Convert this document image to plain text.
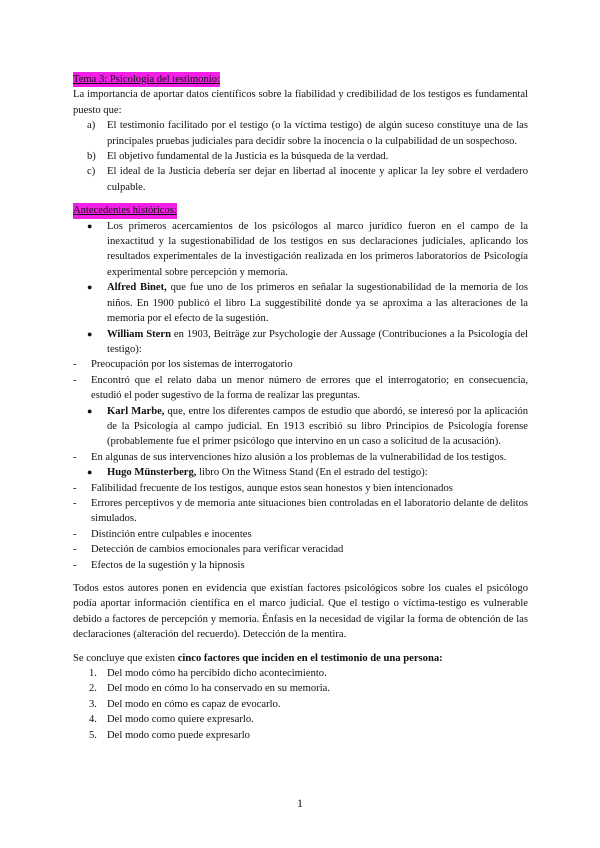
Tema 3: Psicología del testimonio:

La importancia de aportar datos científicos sobre la fiabilidad y credibilidad de los testigos es fundamental puesto que:

a) El testimonio facilitado por el testigo (o la víctima testigo) de algún suceso constituye una de las principales pruebas judiciales para decidir sobre la inocencia o la culpabilidad de un sospechoso.
b) El objetivo fundamental de la Justicia es la búsqueda de la verdad.
c) El ideal de la Justicia debería ser dejar en libertad al inocente y aplicar la ley sobre el verdadero culpable.
Antecedentes históricos:
● Los primeros acercamientos de los psicólogos al marco jurídico fueron en el campo de la inexactitud y la sugestionabilidad de los testigos en sus declaraciones judiciales, aplicando los resultados experimentales de la investigación realizada en los primeros laboratorios de Psicología experimental sobre percepción y memoria.
● Alfred Binet, que fue uno de los primeros en señalar la sugestionabilidad de la memoria de los niños. En 1900 publicó el libro La suggestibilité donde ya se aproxima a las alteraciones de la memoria por el efecto de la sugestión.
● William Stern en 1903, Beiträge zur Psychologie der Aussage (Contribuciones a la Psicología del testigo):
- Preocupación por los sistemas de interrogatorio
- Encontró que el relato daba un menor número de errores que el interrogatorio; en consecuencia, estudió el poder sugestivo de la forma de realizar las preguntas.
● Karl Marbe, que, entre los diferentes campos de estudio que abordó, se interesó por la aplicación de la Psicología al campo judicial. En 1913 escribió su libro Principios de Psicología forense (probablemente fue el primer psicólogo que intervino en un caso a solicitud de la acusación).
- En algunas de sus intervenciones hizo alusión a los problemas de la vulnerabilidad de los testigos.
● Hugo Münsterberg, libro On the Witness Stand (En el estrado del testigo):
- Falibilidad frecuente de los testigos, aunque estos sean honestos y bien intencionados
- Errores perceptivos y de memoria ante situaciones bien controladas en el laboratorio delante de delitos simulados.
- Distinción entre culpables e inocentes
- Detección de cambios emocionales para verificar veracidad
- Efectos de la sugestión y la hipnosis

Todos estos autores ponen en evidencia que existían factores psicológicos sobre los cuales el psicólogo podía aportar información científica en el marco judicial. Que el testigo o víctima-testigo es vulnerable debido a factores de percepción y memoria. Énfasis en la necesidad de vigilar la forma de obtención de las declaraciones (alteración del recuerdo). Detección de la mentira.

Se concluye que existen cinco factores que inciden en el testimonio de una persona:

1. Del modo cómo ha percibido dicho acontecimiento.
2. Del modo en cómo lo ha conservado en su memoria.
3. Del modo en cómo es capaz de evocarlo.
4. Del modo como quiere expresarlo.
5. Del modo como puede expresarlo
1
